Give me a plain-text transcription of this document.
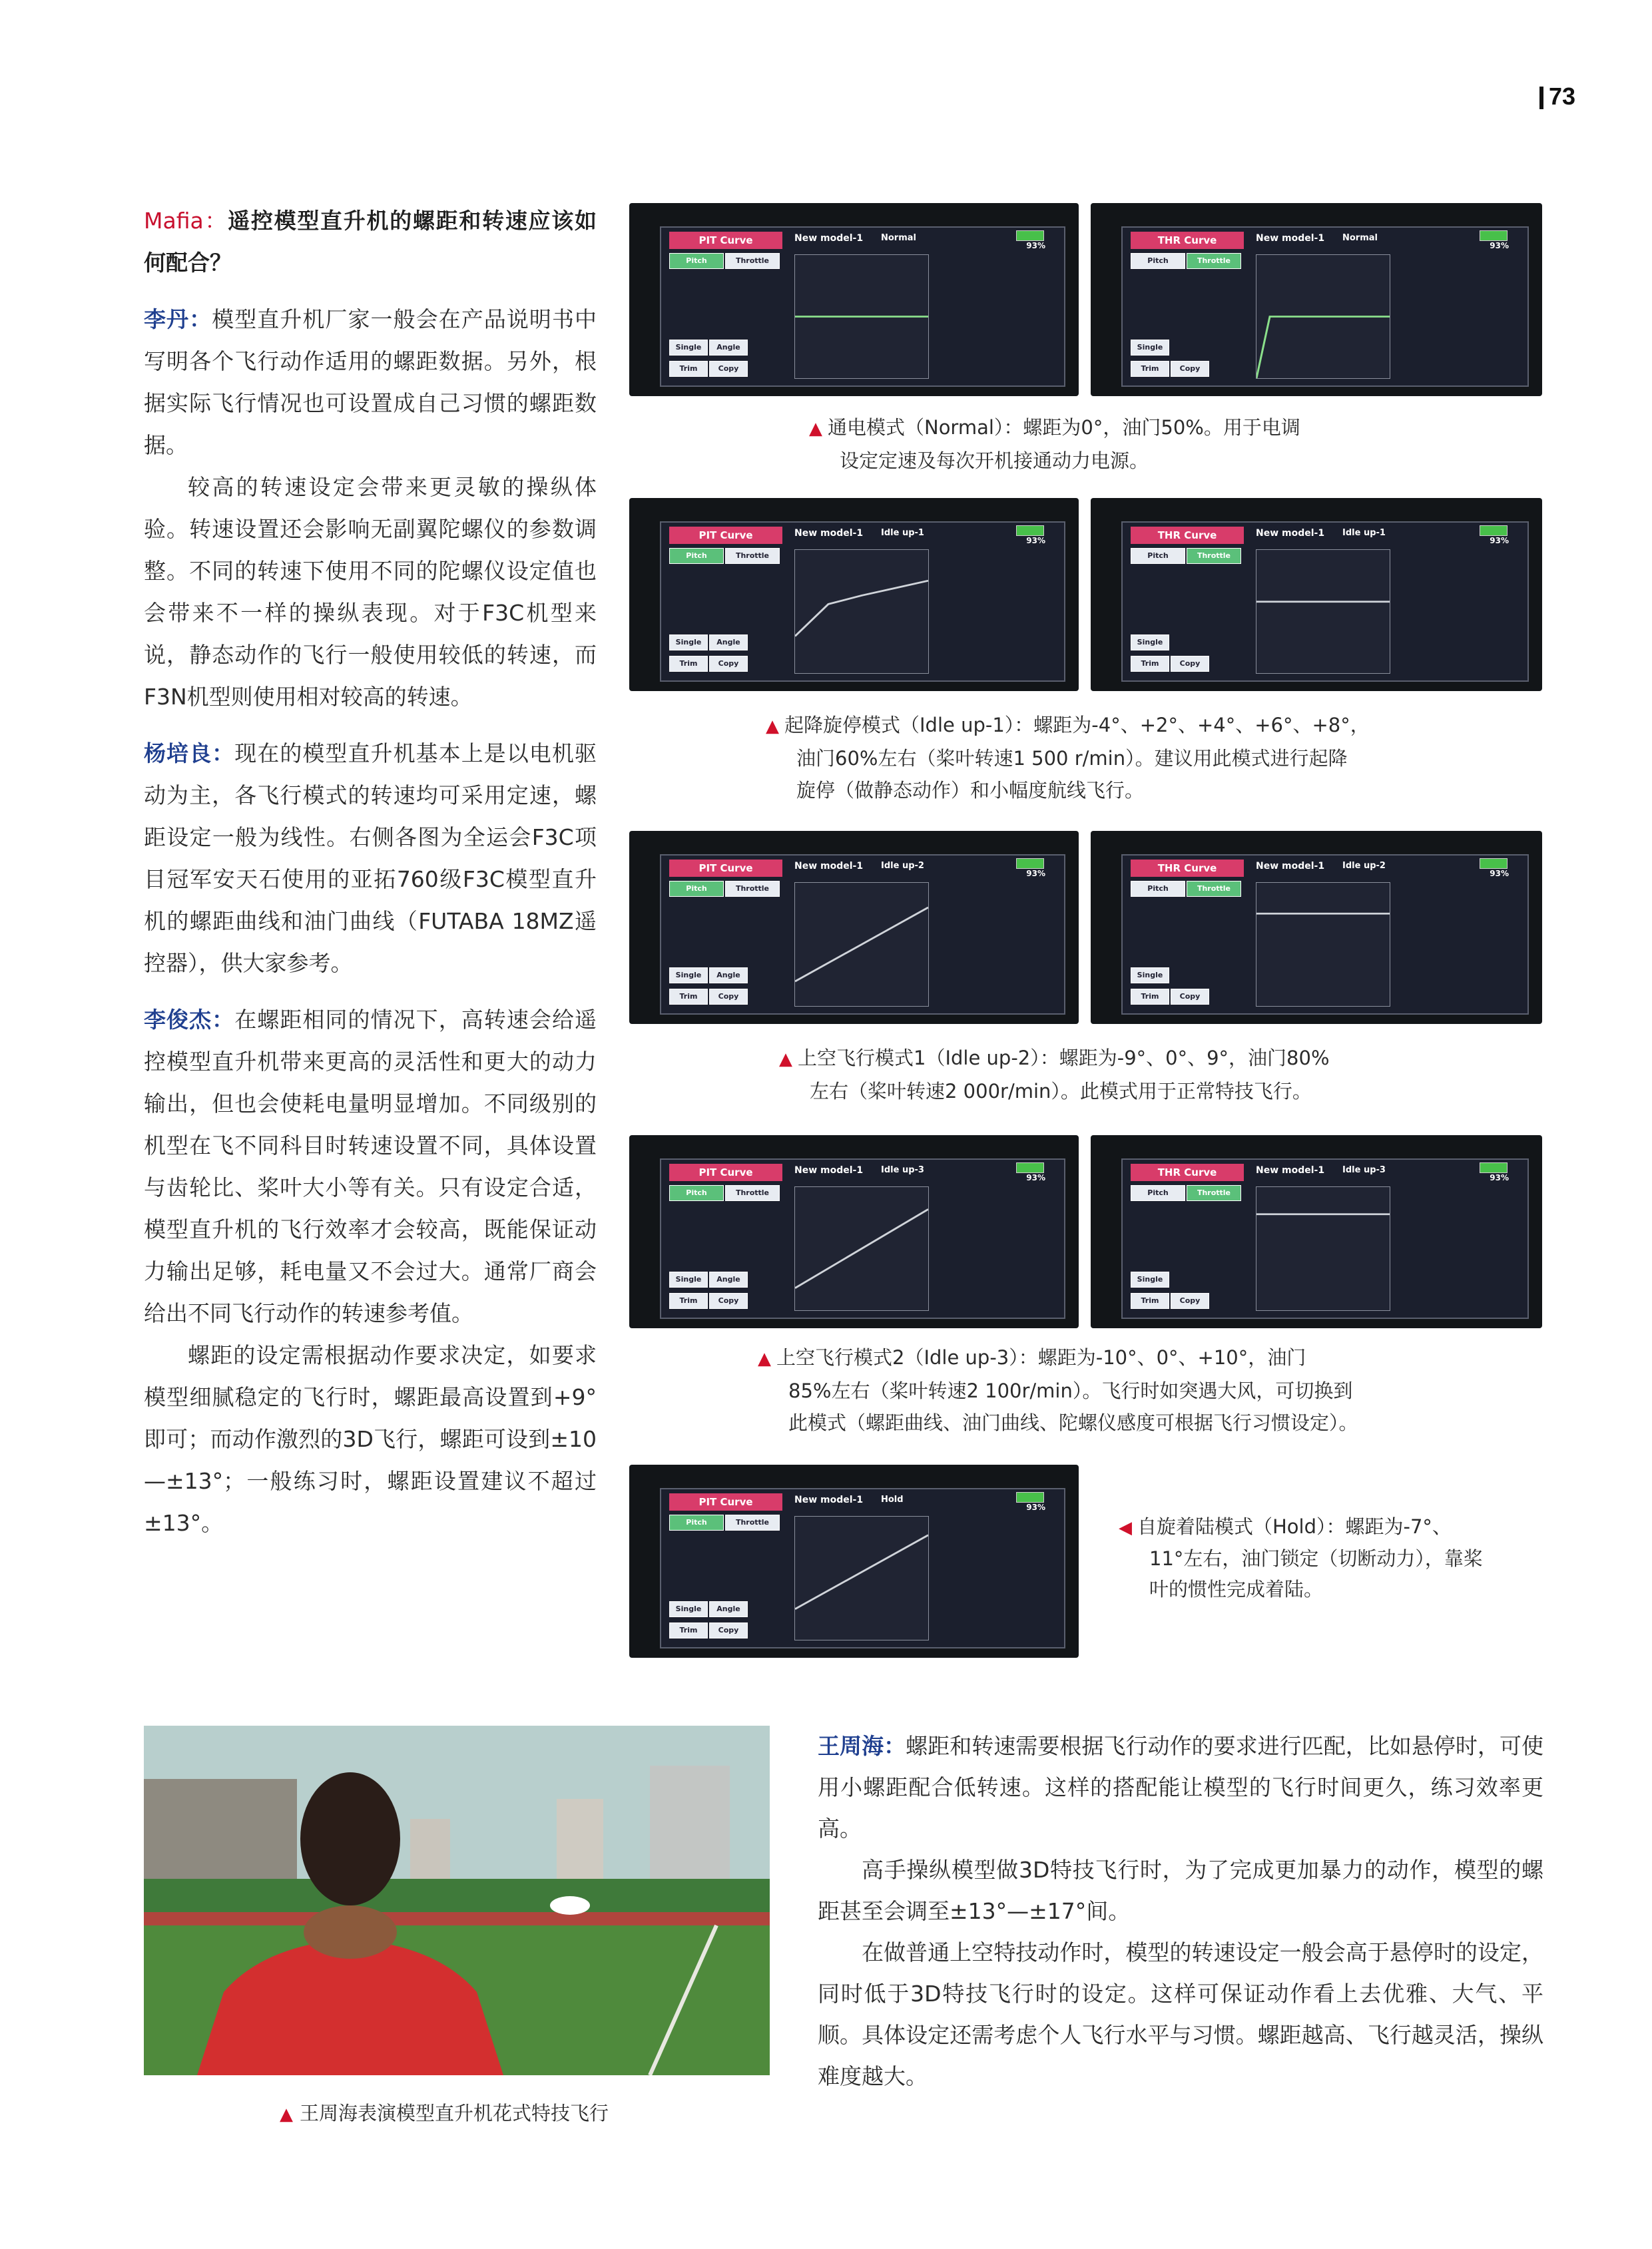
73

Mafia：遥控模型直升机的螺距和转速应该如何配合？

李丹：模型直升机厂家一般会在产品说明书中写明各个飞行动作适用的螺距数据。另外，根据实际飞行情况也可设置成自己习惯的螺距数据。

较高的转速设定会带来更灵敏的操纵体验。转速设置还会影响无副翼陀螺仪的参数调整。不同的转速下使用不同的陀螺仪设定值也会带来不一样的操纵表现。对于F3C机型来说，静态动作的飞行一般使用较低的转速，而F3N机型则使用相对较高的转速。

杨培良：现在的模型直升机基本上是以电机驱动为主，各飞行模式的转速均可采用定速，螺距设定一般为线性。右侧各图为全运会F3C项目冠军安天石使用的亚拓760级F3C模型直升机的螺距曲线和油门曲线（FUTABA 18MZ遥控器），供大家参考。

李俊杰：在螺距相同的情况下，高转速会给遥控模型直升机带来更高的灵活性和更大的动力输出，但也会使耗电量明显增加。不同级别的机型在飞不同科目时转速设置不同，具体设置与齿轮比、桨叶大小等有关。只有设定合适，模型直升机的飞行效率才会较高，既能保证动力输出足够，耗电量又不会过大。通常厂商会给出不同飞行动作的转速参考值。

螺距的设定需根据动作要求决定，如要求模型细腻稳定的飞行时，螺距最高设置到+9°即可；而动作激烈的3D飞行，螺距可设到±10—±13°；一般练习时，螺距设置建议不超过±13°。

PIT Curve	New model-1 Normal
93%
Pitch	Throttle
Single	Angle
Trim	Copy
THR Curve	New model-1 Normal
93%
Pitch	Throttle
Single
Trim	Copy
▲ 通电模式（Normal）：螺距为0°，油门50%。用于电调
设定定速及每次开机接通动力电源。
PIT Curve	New model-1 Idle up-1
93%
Pitch	Throttle
Single	Angle
Trim	Copy
THR Curve	New model-1 Idle up-1
93%
Pitch	Throttle
Single
Trim	Copy
▲ 起降旋停模式（Idle up-1）：螺距为-4°、+2°、+4°、+6°、+8°，
油门60%左右（桨叶转速1 500 r/min）。建议用此模式进行起降
旋停（做静态动作）和小幅度航线飞行。
PIT Curve	New model-1 Idle up-2
93%
Pitch	Throttle
Single	Angle
Trim	Copy
THR Curve	New model-1 Idle up-2
93%
Pitch	Throttle
Single
Trim	Copy
▲ 上空飞行模式1（Idle up-2）：螺距为-9°、0°、9°，油门80%
左右（桨叶转速2 000r/min）。此模式用于正常特技飞行。
PIT Curve	New model-1 Idle up-3
93%
Pitch	Throttle
Single	Angle
Trim	Copy
THR Curve	New model-1 Idle up-3
93%
Pitch	Throttle
Single
Trim	Copy
▲ 上空飞行模式2（Idle up-3）：螺距为-10°、0°、+10°，油门
85%左右（桨叶转速2 100r/min）。飞行时如突遇大风，可切换到
此模式（螺距曲线、油门曲线、陀螺仪感度可根据飞行习惯设定）。
PIT Curve	New model-1 Hold
93%
Pitch	Throttle
Single	Angle
Trim	Copy
◀ 自旋着陆模式（Hold）：螺距为-7°、
11°左右，油门锁定（切断动力），靠桨
叶的惯性完成着陆。

王周海：螺距和转速需要根据飞行动作的要求进行匹配，比如悬停时，可使用小螺距配合低转速。这样的搭配能让模型的飞行时间更久，练习效率更高。

高手操纵模型做3D特技飞行时，为了完成更加暴力的动作，模型的螺距甚至会调至±13°—±17°间。

在做普通上空特技动作时，模型的转速设定一般会高于悬停时的设定，同时低于3D特技飞行时的设定。这样可保证动作看上去优雅、大气、平顺。具体设定还需考虑个人飞行水平与习惯。螺距越高、飞行越灵活，操纵难度越大。

▲ 王周海表演模型直升机花式特技飞行
